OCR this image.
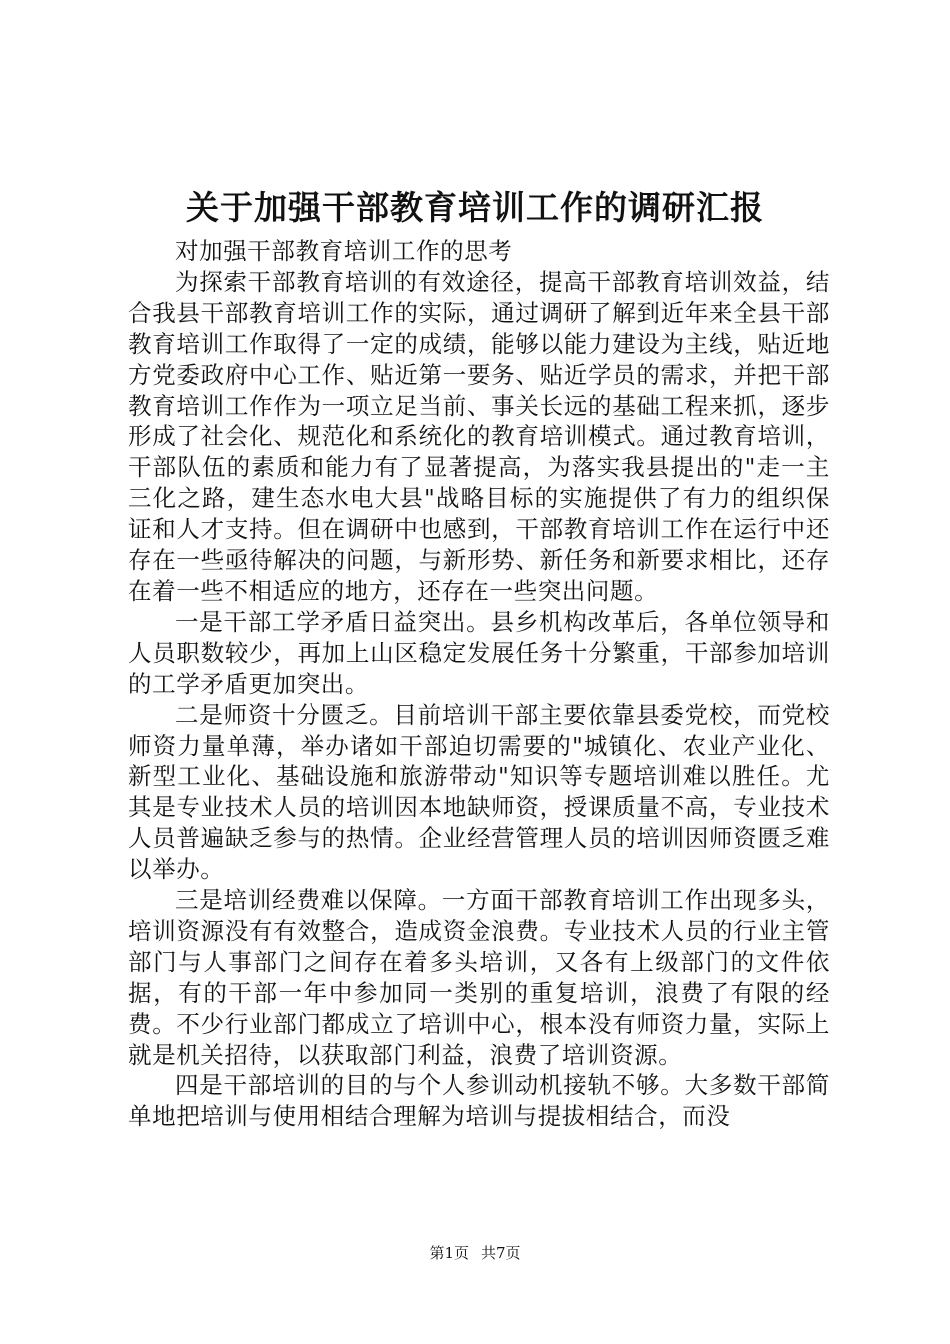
关于加强干部教育培训工作的调研汇报

对加强干部教育培训工作的思考

为探索干部教育培训的有效途径，提高干部教育培训效益，结合我县干部教育培训工作的实际，通过调研了解到近年来全县干部教育培训工作取得了一定的成绩，能够以能力建设为主线，贴近地方党委政府中心工作、贴近第一要务、贴近学员的需求，并把干部教育培训工作作为一项立足当前、事关长远的基础工程来抓，逐步形成了社会化、规范化和系统化的教育培训模式。通过教育培训，干部队伍的素质和能力有了显著提高，为落实我县提出的"走一主三化之路，建生态水电大县"战略目标的实施提供了有力的组织保证和人才支持。但在调研中也感到，干部教育培训工作在运行中还存在一些亟待解决的问题，与新形势、新任务和新要求相比，还存在着一些不相适应的地方，还存在一些突出问题。

一是干部工学矛盾日益突出。县乡机构改革后，各单位领导和人员职数较少，再加上山区稳定发展任务十分繁重，干部参加培训的工学矛盾更加突出。

二是师资十分匮乏。目前培训干部主要依靠县委党校，而党校师资力量单薄，举办诸如干部迫切需要的"城镇化、农业产业化、新型工业化、基础设施和旅游带动"知识等专题培训难以胜任。尤其是专业技术人员的培训因本地缺师资，授课质量不高，专业技术人员普遍缺乏参与的热情。企业经营管理人员的培训因师资匮乏难以举办。

三是培训经费难以保障。一方面干部教育培训工作出现多头，培训资源没有有效整合，造成资金浪费。专业技术人员的行业主管部门与人事部门之间存在着多头培训，又各有上级部门的文件依据，有的干部一年中参加同一类别的重复培训，浪费了有限的经费。不少行业部门都成立了培训中心，根本没有师资力量，实际上就是机关招待，以获取部门利益，浪费了培训资源。

四是干部培训的目的与个人参训动机接轨不够。大多数干部简单地把培训与使用相结合理解为培训与提拔相结合，而没

第1页 共7页
